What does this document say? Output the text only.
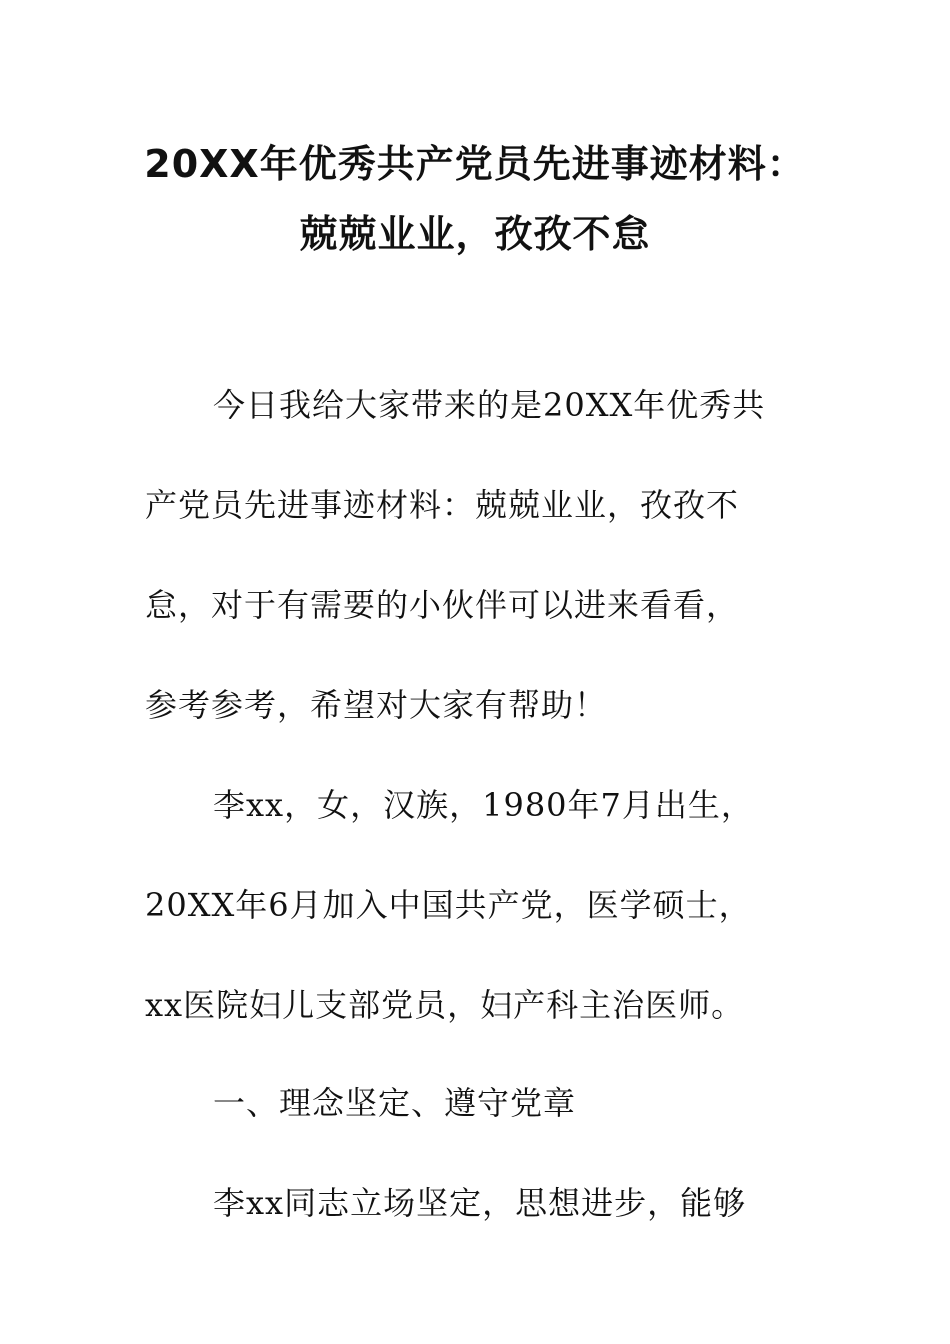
20XX年优秀共产党员先进事迹材料：
兢兢业业，孜孜不怠
今日我给大家带来的是20XX年优秀共
产党员先进事迹材料：兢兢业业，孜孜不
怠，对于有需要的小伙伴可以进来看看，
参考参考，希望对大家有帮助！
李xx，女，汉族，1980年7月出生，
20XX年6月加入中国共产党，医学硕士，
xx医院妇儿支部党员，妇产科主治医师。
一、理念坚定、遵守党章
李xx同志立场坚定，思想进步，能够
